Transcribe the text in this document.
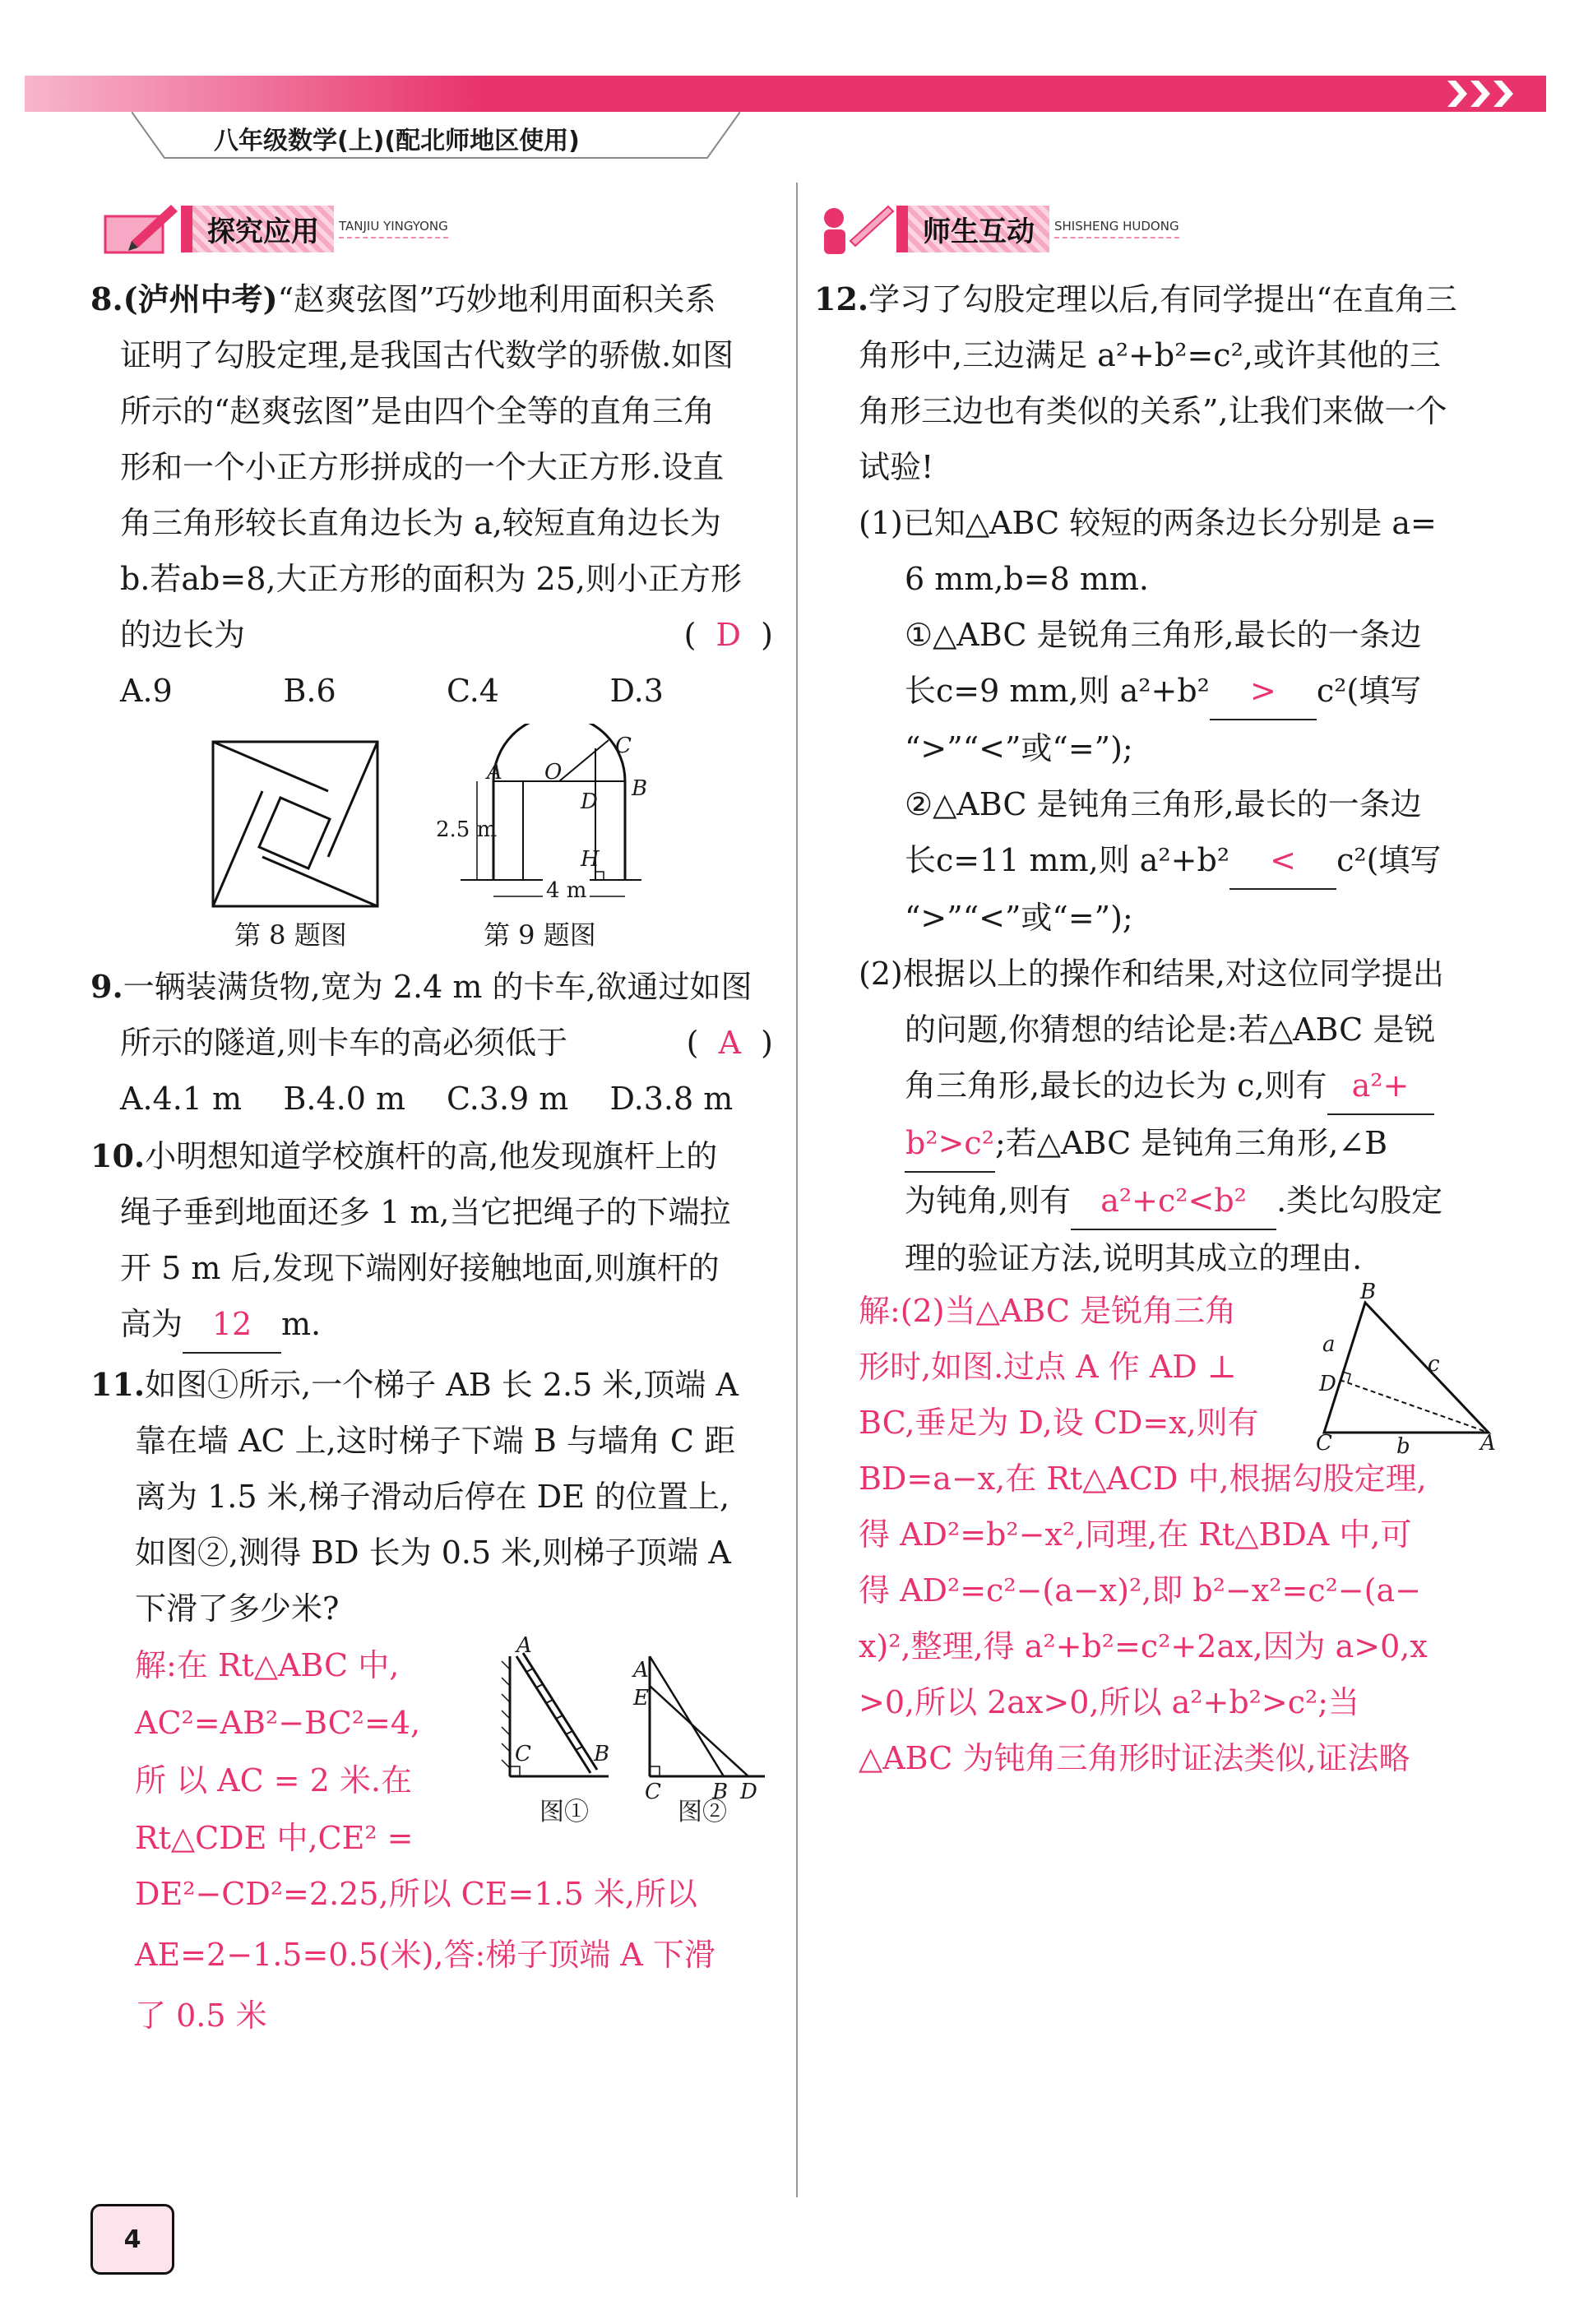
八年级数学(上)(配北师地区使用)
探究应用	TANJIU YINGYONG	师生互动	SHISHENG HUDONG
8.(泸州中考)“赵爽弦图”巧妙地利用面积关系
证明了勾股定理,是我国古代数学的骄傲.如图
所示的“赵爽弦图”是由四个全等的直角三角
形和一个小正方形拼成的一个大正方形.设直
角三角形较长直角边长为 a,较短直角边长为
b.若ab=8,大正方形的面积为 25,则小正方形
的边长为	(  D  )
A.9	B.6	C.4	D.3
第 8 题图
A O
C
B
D
H
2.5 m
4 m
第 9 题图
9.一辆装满货物,宽为 2.4 m 的卡车,欲通过如图
所示的隧道,则卡车的高必须低于	(  A  )
A.4.1 m	B.4.0 m	C.3.9 m	D.3.8 m
10.小明想知道学校旗杆的高,他发现旗杆上的
绳子垂到地面还多 1 m,当它把绳子的下端拉
开 5 m 后,发现下端刚好接触地面,则旗杆的
高为 12 m.
11.如图①所示,一个梯子 AB 长 2.5 米,顶端 A
靠在墙 AC 上,这时梯子下端 B 与墙角 C 距
离为 1.5 米,梯子滑动后停在 DE 的位置上,
如图②,测得 BD 长为 0.5 米,则梯子顶端 A
下滑了多少米?
解:在 Rt△ABC 中,
AC²=AB²−BC²=4,
所 以 AC = 2 米.在
Rt△CDE 中,CE² =
DE²−CD²=2.25,所以 CE=1.5 米,所以
AE=2−1.5=0.5(米),答:梯子顶端 A 下滑
了 0.5 米
A
C	B
图①
A
E
C B D
图②
12.学习了勾股定理以后,有同学提出“在直角三
角形中,三边满足 a²+b²=c²,或许其他的三
角形三边也有类似的关系”,让我们来做一个
试验!
(1)已知△ABC 较短的两条边长分别是 a=
6 mm,b=8 mm.
①△ABC 是锐角三角形,最长的一条边
长c=9 mm,则 a²+b² > c²(填写
“>”“<”或“=”);
②△ABC 是钝角三角形,最长的一条边
长c=11 mm,则 a²+b² < c²(填写
“>”“<”或“=”);
(2)根据以上的操作和结果,对这位同学提出
的问题,你猜想的结论是:若△ABC 是锐
角三角形,最长的边长为 c,则有 a²+
b²>c²;若△ABC 是钝角三角形,∠B
为钝角,则有 a²+c²<b² .类比勾股定
理的验证方法,说明其成立的理由.
解:(2)当△ABC 是锐角三角
形时,如图.过点 A 作 AD ⊥
BC,垂足为 D,设 CD=x,则有
BD=a−x,在 Rt△ACD 中,根据勾股定理,
得 AD²=b²−x²,同理,在 Rt△BDA 中,可
得 AD²=c²−(a−x)²,即 b²−x²=c²−(a−
x)²,整理,得 a²+b²=c²+2ax,因为 a>0,x
>0,所以 2ax>0,所以 a²+b²>c²;当
△ABC 为钝角三角形时证法类似,证法略
B
a
c
D
C	b	A
4
